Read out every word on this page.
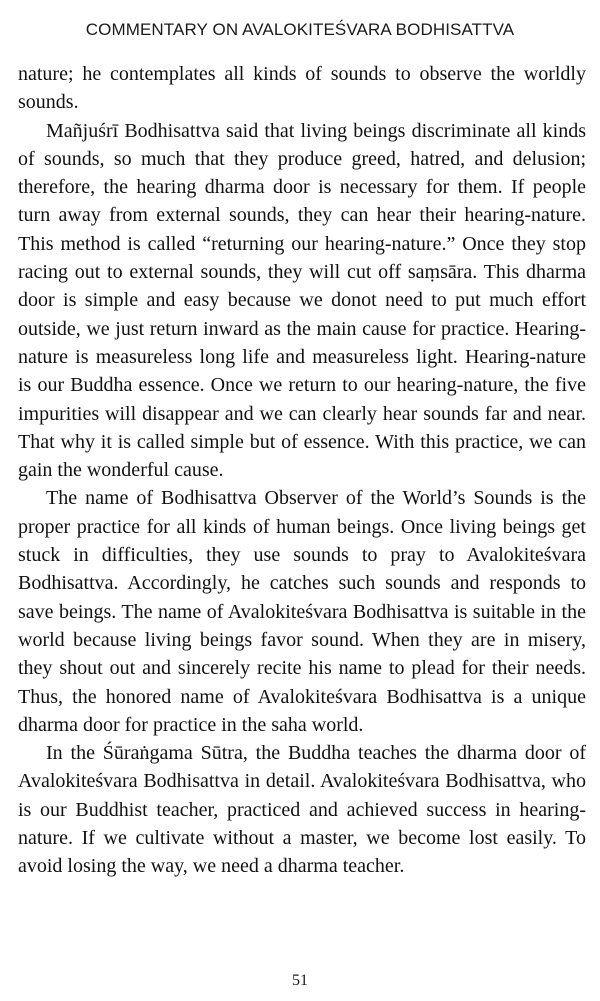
COMMENTARY ON AVALOKITEŚVARA BODHISATTVA

nature; he contemplates all kinds of sounds to observe the worldly sounds.

Mañjuśrī Bodhisattva said that living beings discriminate all kinds of sounds, so much that they produce greed, hatred, and delusion; therefore, the hearing dharma door is necessary for them. If people turn away from external sounds, they can hear their hearing-nature. This method is called “returning our hearing-nature.” Once they stop racing out to external sounds, they will cut off saṃsāra. This dharma door is simple and easy because we donot need to put much effort outside, we just return inward as the main cause for practice. Hearing-nature is measureless long life and measureless light. Hearing-nature is our Buddha essence. Once we return to our hearing-nature, the five impurities will disappear and we can clearly hear sounds far and near. That why it is called simple but of essence. With this practice, we can gain the wonderful cause.

The name of Bodhisattva Observer of the World’s Sounds is the proper practice for all kinds of human beings. Once living beings get stuck in difficulties, they use sounds to pray to Avalokiteśvara Bodhisattva. Accordingly, he catches such sounds and responds to save beings. The name of Avalokiteśvara Bodhisattva is suitable in the world because living beings favor sound. When they are in misery, they shout out and sincerely recite his name to plead for their needs. Thus, the honored name of Avalokiteśvara Bodhisattva is a unique dharma door for practice in the saha world.

In the Śūraṅgama Sūtra, the Buddha teaches the dharma door of Avalokiteśvara Bodhisattva in detail. Avalokiteśvara Bodhisattva, who is our Buddhist teacher, practiced and achieved success in hearing-nature. If we cultivate without a master, we become lost easily. To avoid losing the way, we need a dharma teacher.

51
